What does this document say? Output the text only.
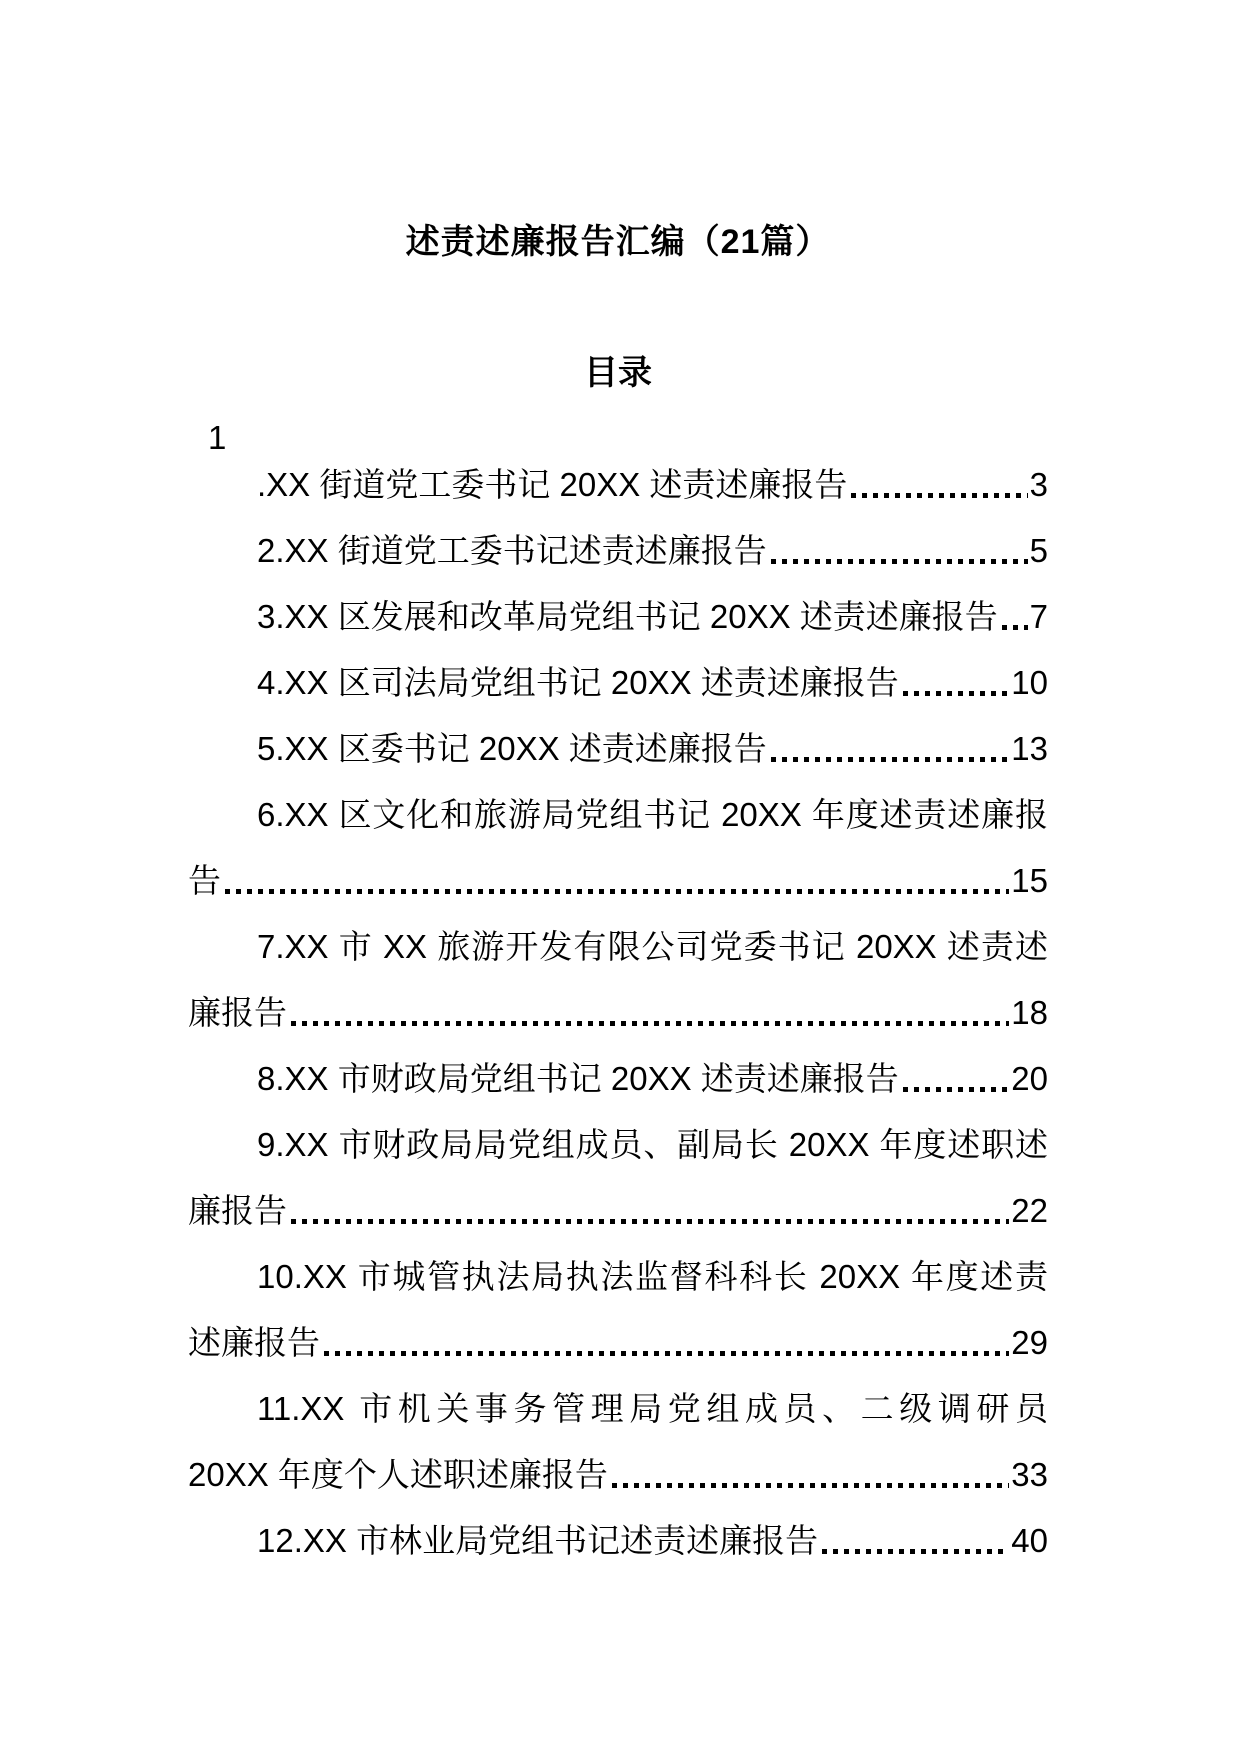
述责述廉报告汇编（21篇）
目录
1
.XX 街道党工委书记 20XX 述责述廉报告	3
2.XX 街道党工委书记述责述廉报告	5
3.XX 区发展和改革局党组书记 20XX 述责述廉报告 7
4.XX 区司法局党组书记 20XX 述责述廉报告	10
5.XX 区委书记 20XX 述责述廉报告	13
6.XX 区文化和旅游局党组书记 20XX 年度述责述廉报
告	15
7.XX 市 XX 旅游开发有限公司党委书记 20XX 述责述
廉报告	18
8.XX 市财政局党组书记 20XX 述责述廉报告	20
9.XX 市财政局局党组成员、副局长 20XX 年度述职述
廉报告	22
10.XX 市城管执法局执法监督科科长 20XX 年度述责
述廉报告	29
11.XX 市机关事务管理局党组成员、二级调研员
20XX 年度个人述职述廉报告	33
12.XX 市林业局党组书记述责述廉报告	40
